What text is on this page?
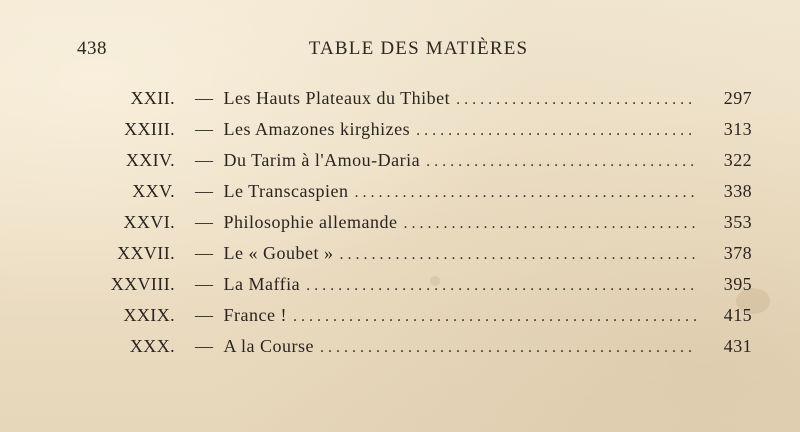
438	TABLE DES MATIÈRES
XXII.	— Les Hauts Plateaux du Thibet . . .	297
XXIII.	— Les Amazones kirghizes . . .	313
XXIV.	— Du Tarim à l'Amou-Daria . . .	322
XXV.	— Le Transcaspien . . .	338
XXVI.	— Philosophie allemande . . .	353
XXVII.	— Le « Goubet » . . .	378
XXVIII.	— La Maffia . . .	395
XXIX.	— France ! . . .	415
XXX.	— A la Course . . .	431
